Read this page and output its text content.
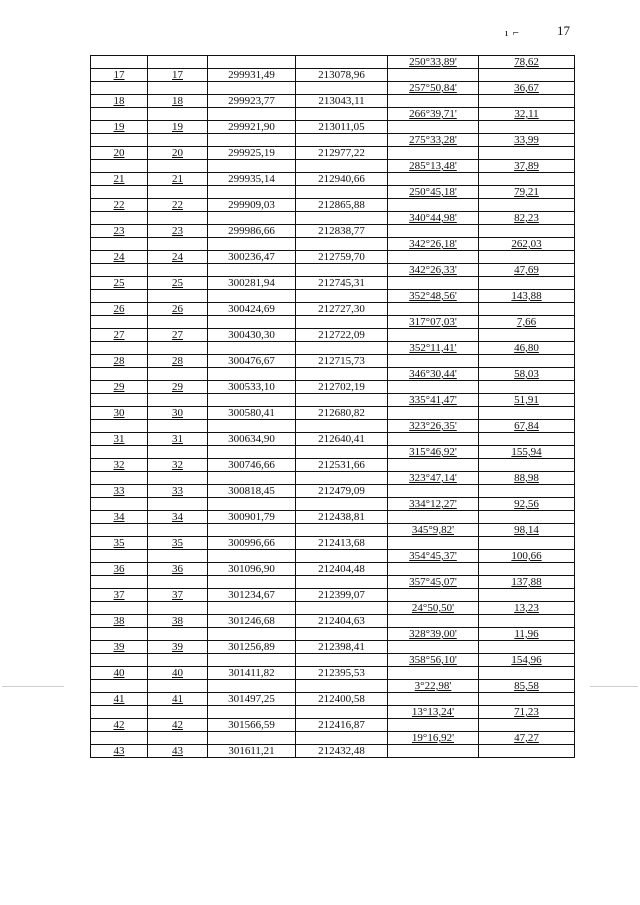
ı ⌐	17
				250°33,89'	78,62
17	17	299931,49	213078,96		
				257°50,84'	36,67
18	18	299923,77	213043,11		
				266°39,71'	32,11
19	19	299921,90	213011,05		
				275°33,28'	33,99
20	20	299925,19	212977,22		
				285°13,48'	37,89
21	21	299935,14	212940,66		
				250°45,18'	79,21
22	22	299909,03	212865,88		
				340°44,98'	82,23
23	23	299986,66	212838,77		
				342°26,18'	262,03
24	24	300236,47	212759,70		
				342°26,33'	47,69
25	25	300281,94	212745,31		
				352°48,56'	143,88
26	26	300424,69	212727,30		
				317°07,03'	7,66
27	27	300430,30	212722,09		
				352°11,41'	46,80
28	28	300476,67	212715,73		
				346°30,44'	58,03
29	29	300533,10	212702,19		
				335°41,47'	51,91
30	30	300580,41	212680,82		
				323°26,35'	67,84
31	31	300634,90	212640,41		
				315°46,92'	155,94
32	32	300746,66	212531,66		
				323°47,14'	88,98
33	33	300818,45	212479,09		
				334°12,27'	92,56
34	34	300901,79	212438,81		
				345°9,82'	98,14
35	35	300996,66	212413,68		
				354°45,37'	100,66
36	36	301096,90	212404,48		
				357°45,07'	137,88
37	37	301234,67	212399,07		
				24°50,50'	13,23
38	38	301246,68	212404,63		
				328°39,00'	11,96
39	39	301256,89	212398,41		
				358°56,10'	154,96
40	40	301411,82	212395,53		
				3°22,98'	85,58
41	41	301497,25	212400,58		
				13°13,24'	71,23
42	42	301566,59	212416,87		
				19°16,92'	47,27
43	43	301611,21	212432,48		
